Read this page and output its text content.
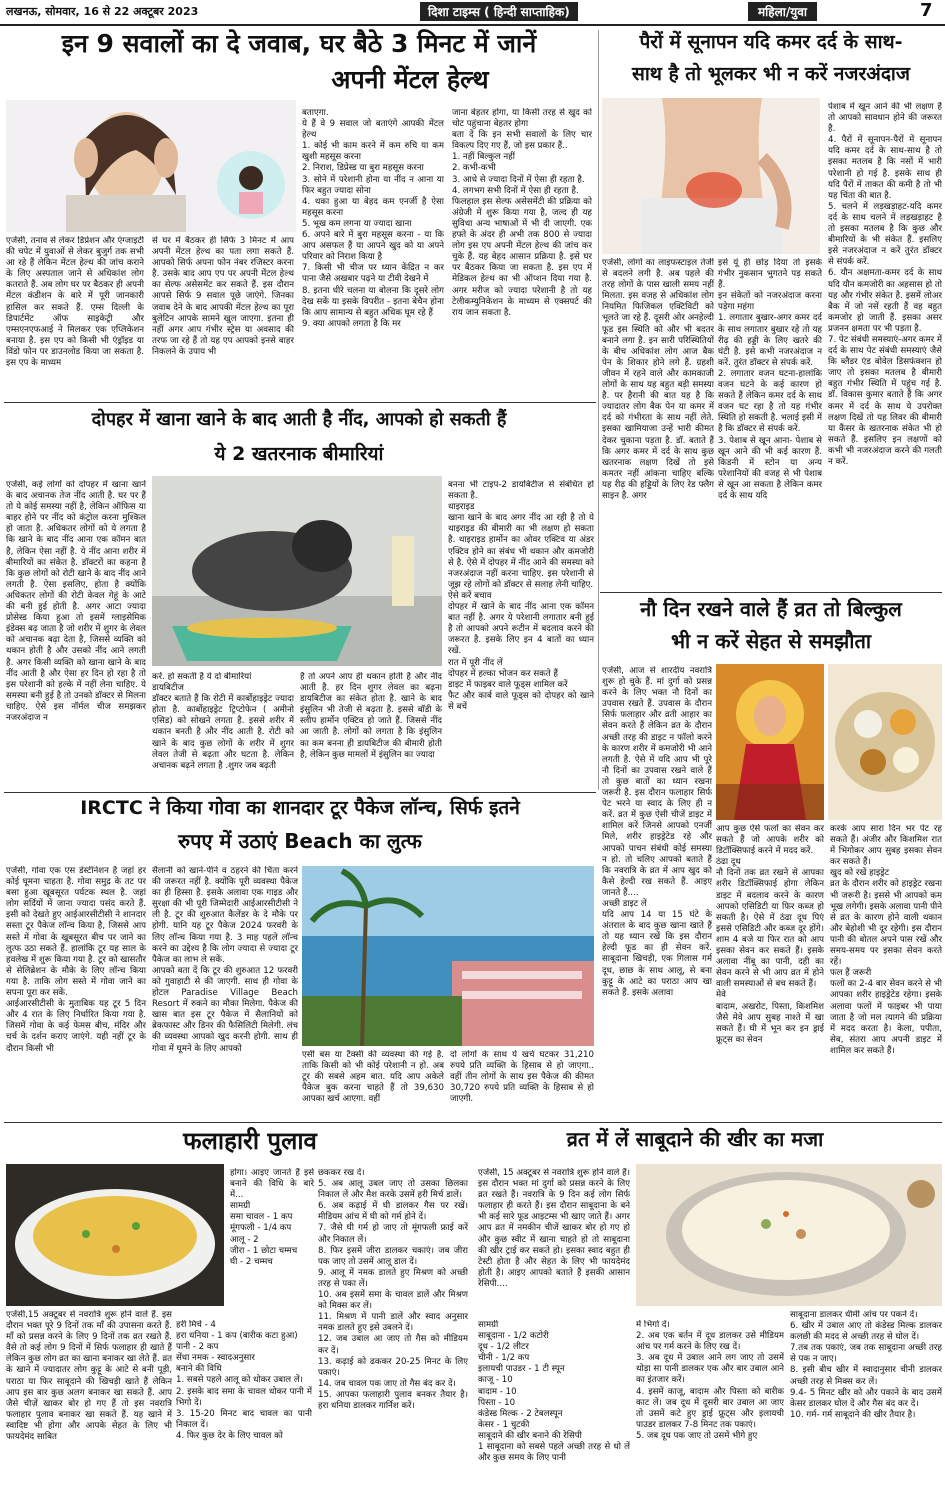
लखनऊ, सोमवार, 16 से 22 अक्टूबर 2023	दिशा टाइम्स ( हिन्दी साप्ताहिक)	महिला/युवा	7
इन 9 सवालों का दे जवाब, घर बैठे 3 मिनट में जानें
अपनी मेंटल हेल्थ
एजेंसी, तनाव से लेकर डिप्रेशन और एंग्जाइटी की चपेट में युवाओं से लेकर बुजुर्ग तक सभी आ रहे हैं लेकिन मेंटल हेल्थ की जांच कराने के लिए अस्पताल जाने से अधिकांश लोग कतराते हैं. अब लोग घर पर बैठकर ही अपनी मेंटल कंडीशन के बारे में पूरी जानकारी हासिल कर सकते हैं. एम्स दिल्ली के डिपार्टमेंट ऑफ साइकेट्री और एम्सएनएफआई ने मिलकर एक एप्लिकेशन बनाया है. इस एप को किसी भी एंड्रॉइड या विंडो फोन पर डाउनलोड किया जा सकता है. इस एप के माध्यम
से घर में बैठकर ही सिर्फ 3 मिनट में आप अपनी मेंटल हेल्थ का पता लगा सकते हैं. आपको सिर्फ अपना फोन नंबर रजिस्टर करना है. उसके बाद आप एप पर अपनी मेंटल हेल्थ का सेल्फ असेसमेंट कर सकते हैं. इस दौरान आपसे सिर्फ 9 सवाल पूछे जाएंगे. जिनका जवाब देने के बाद आपकी मेंटल हेल्थ का पूरा बुलेटिन आपके सामने खुल जाएगा. इतना ही नहीं अगर आप गंभीर स्ट्रेस या अवसाद की तरफ जा रहे हैं तो यह एप आपको इनसे बाहर निकलने के उपाय भी
बताएगा.
ये हैं वे 9 सवाल जो बताएंगे आपकी मेंटल हेल्थ
1. कोई भी काम करने में कम रुचि या कम खुशी महसूस करना
2. निराश, डिप्रेस्ड या बुरा महसूस करना
3. सोने में परेशानी होना या नींद न आना या फिर बहुत ज्यादा सोना
4. थका हुआ या बेहद कम एनर्जी है ऐसा महसूस करना
5. भूख कम लगना या ज्यादा खाना
6. अपने बारे में बुरा महसूस करना - या कि आप असफल हैं या आपने खुद को या अपने परिवार को निराश किया है
7. किसी भी चीज पर ध्यान केंद्रित न कर पाना जैसे अखबार पढ़ने या टीवी देखने में
8. इतना धीरे चलना या बोलना कि दूसरे लोग देख सकें या इसके विपरीत - इतना बेचैन होना कि आप सामान्य से बहुत अधिक घूम रहे हैं
9. क्या आपको लगता है कि मर
जाना बेहतर होगा, या किसी तरह से खुद को चोट पहुंचाना बेहतर होगा
बता दें कि इन सभी सवालों के लिए चार विकल्प दिए गए हैं, जो इस प्रकार हैं..
1. नहीं बिल्कुल नहीं
2. कभी-कभी
3. आधे से ज्यादा दिनों में ऐसा ही रहता है.
4. लगभग सभी दिनों में ऐसा ही रहता है.
फिलहाल इस सेल्फ असेसमेंटी की प्रक्रिया को अंग्रेजी में शुरू किया गया है, जल्द ही यह सुविधा अन्य भाषाओं में भी दी जाएगी. एक हफ्ते के अंदर ही अभी तक 800 से ज्यादा लोग इस एप अपनी मेंटल हेल्थ की जांच कर चुके हैं. यह बेहद आसान प्रक्रिया है. इसे घर पर बैठकर किया जा सकता है. इस एप में मेडिकल हेल्थ का भी ऑप्शन दिया गया है. अगर मरीज को ज्यादा परेशानी है तो यह टेलीकम्युनिकेशन के माध्यम से एक्सपर्ट की राय जान सकता है.
पैरों में सूनापन यदि कमर दर्द के साथ-
साथ है तो भूलकर भी न करें नजरअंदाज
एजेंसी, लोगों का लाइफस्टाइल तेजी से बदलने लगी है. अब पहले की तरह लोगों के पास खाली समय नहीं मिलता. इस वजह से अधिकांश लोग नियमित फिजिकल एक्टिविटी को भूलते जा रहे हैं. दूसरी ओर अनहेल्दी फूड इस स्थिति को और भी बदतर बनाने लगा है. इन सारी परिस्थितियों के बीच अधिकांश लोग आज बैक पेन के शिकार होने लगे हैं. ग्रहशी जीवन में रहने वाले और कामकाजी लोगों के साथ यह बहुत बड़ी समस्या है. पर हैरानी की बात यह है कि ज्यादातर लोग बैक पेन या कमर में दर्द को गंभीरता के साथ नहीं लेते. इसका खामियाजा उन्हें भारी कीमत देकर चुकाना पड़ता है. डॉ. बताते हैं कि अगर कमर में दर्द के साथ कुछ खतरनाक लक्षण दिखें तो इसे कमतर नहीं आंकना चाहिए बल्कि यह रीढ़ की हड्डियों के लिए रेड फ्लैग साइन है. अगर
इसे यूं ही छोड़ दिया तो इसके गंभीर नुकसान भुगतने पड़ सकते हैं.
इन संकेतों को नजरअंदाज करना पड़ेगा महंगा
1. लगातार बुखार-अगर कमर दर्द के साथ लगातार बुखार रहे तो यह रीढ़ की हड्डी के लिए खतरे की घंटी है. इसे कभी नजरअंदाज न करें. तुरंत डॉक्टर से संपर्क करें.
2. लगातार वजन घटना-हालांकि वजन घटने के कई कारण हो सकते हैं लेकिन कमर दर्द के साथ वजन घट रहा है तो यह गंभीर स्थिति हो सकती है. भलाई इसी में है कि डॉक्टर से संपर्क करें.
3. पेशाब से खून आना- पेशाब से खून आने की भी कई कारण हैं. किडनी में स्टोन या अन्य परेशानियों की वजह से भी पेशाब से खून आ सकता है लेकिन कमर दर्द के साथ यदि
पेशाब में खून आने की भी लक्षण है तो आपको सावधान होने की जरूरत है.
4. पैरों में सूनापन-पैरों में सूनापन यदि कमर दर्द के साथ-साथ है तो इसका मतलब है कि नसों में भारी परेशानी हो गई है. इसके साथ ही यदि पैरों में ताकत की कमी है तो भी यह चिंता की बात है.
5. चलने में लड़खड़ाहट-यदि कमर दर्द के साथ चलने में लड़खड़ाहट है तो इसका मतलब है कि कुछ और बीमारियों के भी संकेत हैं. इसलिए इसे नजरअंदाज न करें तुरंत डॉक्टर से संपर्क करें.
6. यौन अक्षमता-कमर दर्द के साथ यदि यौन कमजोरी का अहसास हो तो यह और गंभीर संकेत है. इसमें लोअर बैक में जो नसें रहती हैं वह बहुत कमजोर हो जाती हैं. इसका असर प्रजनन क्षमता पर भी पड़ता है.
7. पेट संबंधी समस्याएं-अगर कमर में दर्द के साथ पेट संबंधी समस्याएं जैसे कि ब्लैडर एंड बोवेल डिसफंक्शन हो जाए तो इसका मतलब है बीमारी बहुत गंभीर स्थिति में पहुंच गई है. डॉ. विकास कुमार बताते हैं कि अगर कमर में दर्द के साथ ये उपरोक्त लक्षण दिखें तो यह लिवर की बीमारी या कैंसर के खतरनाक संकेत भी हो सकते हैं. इसलिए इन लक्षणों को कभी भी नजरअंदाज करने की गलती न करें.
दोपहर में खाना खाने के बाद आती है नींद, आपको हो सकती हैं
ये 2 खतरनाक बीमारियां
एजेंसी, कई लोगों को दोपहर में खाना खाने के बाद अचानक तेज नींद आती है. घर पर हैं तो ये कोई समस्या नहीं है, लेकिन ऑफिस या बाहर होने पर नींद को कंट्रोल करना मुश्किल हो जाता है. अधिकतर लोगों को ये लगता है कि खाने के बाद नींद आना एक कॉमन बात है, लेकिन ऐसा नहीं है. ये नींद आना शरीर में बीमारियों का संकेत है. डॉक्टरों का कहना है कि कुछ लोगों को रोटी खाने के बाद नींद आने लगती है. ऐसा इसलिए, होता है क्योंकि अधिकतर लोगों की रोटी केवल गेहूं के आटे की बनी हुई होती है. अगर आटा ज्यादा प्रोसेस्ड किया हुआ तो इसमें ग्लाइसेमिक इंडेक्स बढ़ जाता है जो शरीर में शुगर के लेवल को अचानक बढ़ा देता है, जिससे व्यक्ति को थकान होती है और उसको नींद आने लगती है. अगर किसी व्यक्ति को खाना खाने के बाद नींद आती है और ऐसा हर दिन हो रहा है तो इस परेशानी को हल्के में नहीं लेना चाहिए. ये समस्या बनी हुई है तो उनको डॉक्टर से मिलना चाहिए. ऐसे इस नॉर्मल चीज समझकर नजरअंदाज न
करें. हो सकती है ये दो बीमारियां
डायबिटीज
डॉक्टर बताते हैं कि रोटी में कार्बोहाइड्रेट ज्यादा होता है. कार्बोहाइड्रेट ट्रिप्टोफेन ( अमीनो एसिड) को सोखने लगता है. इससे शरीर में थकान बनती है और नींद आती है. रोटी को खाने के बाद कुछ लोगों के शरीर में शुगर लेवल तेजी से बढ़ता और घटता है. लेकिन अचानक बढ़ने लगता है .शुगर जब बढ़ती
है तो अपने आप ही थकान होती है और नींद आती है. हर दिन शुगर लेवल का बढ़ना डायबिटीज का संकेत होता है. खाने के बाद इंसुलिन भी तेजी से बढ़ता है. इससे बॉडी के स्लीप हार्मोन एक्टिव हो जाते हैं. जिससे नींद आ जाती है. लोगों को लगता है कि इंसुलिन का कम बनना ही डायबिटीज की बीमारी होती है, लेकिन कुछ मामलों में इंसुलिन का ज्यादा
बनना भी टाइप-2 डायबिटीज से संबंधित हो सकता है.
थाइराइड
खाना खाने के बाद अगर नींद आ रही है तो ये थाइराइड की बीमारी का भी लक्षण हो सकता है. थाइराइड हार्मोन का ओवर एक्टिव या अंडर एक्टिव होने का संबंध भी थकान और कमजोरी से है. ऐसे में दोपहर में नींद आने की समस्या को नजरअंदाज नहीं करना चाहिए. इस परेशानी से जूझ रहे लोगों को डॉक्टर से सलाह लेनी चाहिए.
ऐसे करें बचाव
दोपहर में खाने के बाद नींद आना एक कॉमन बात नहीं है. अगर ये परेशानी लगातार बनी हुई है तो आपको अपने रूटीन में बदलाव करने की जरूरत है. इसके लिए इन 4 बातों का ध्यान रखें.
रात में पूरी नींद लें
दोपहर में हल्का भोजन कर सकते हैं
डाइट में फाइबर वाले फूड्स शामिल करें
फैट और कार्ब वाले फूड्स को दोपहर को खाने से बचें
नौ दिन रखने वाले हैं व्रत तो बिल्कुल
भी न करें सेहत से समझौता
एजेंसी, आज से शारदीय नवरात्रि शुरू हो चुके हैं. मां दुर्गा को प्रसन्न करने के लिए भक्त नौ दिनों का उपवास रखते हैं. उपवास के दौरान सिर्फ फलाहार और व्रती आहार का सेवन करते हैं लेकिन व्रत के दौरान अच्छी तरह की डाइट न फॉलो करने के कारण शरीर में कमजोरी भी आने लगती है. ऐसे में यदि आप भी पूरे नौ दिनों का उपवास रखने वाले हैं तो कुछ बातों का ध्यान रखना जरूरी है. इस दौरान फलाहार सिर्फ पेट भरने या स्वाद के लिए ही न करें. व्रत में कुछ ऐसी चीजें डाइट में शामिल करें जिनसे आपको एनर्जी मिले, शरीर हाइड्रेटेड रहे और आपको पाचन संबंधी कोई समस्या न हो. तो चलिए आपको बताते हैं कि नवरात्रि के व्रत में आप खुद को कैसे हेल्दी रख सकते हैं. आइए जानते हैं....
अच्छी डाइट लें
यदि आप 14 या 15 घंटे के अंतराल के बाद कुछ खाना खाते हैं तो यह ध्यान रखें कि इस दौरान हेल्दी फूड का ही सेवन करें. साबूदाना खिचड़ी, एक गिलास गर्म दूध, छाछ के साथ आलू, से बना कुट्टू के आटे का पराठा आप खा सकते हैं. इसके अलावा
आप कुछ ऐसे फलों का सेवन कर सकते हैं जो आपके शरीर को डिटॉक्सिफाई करने में मदद करें.
ठंढा दूध
नौ दिनों तक व्रत रखने से आपका शरीर डिटॉक्सिफाई होगा लेकिन डाइट में बदलाव करने के कारण आपको एसिडिटी या फिर कब्ज हो सकती है। ऐसे में ठंढा दूध पिएं इससे एसिडिटी और कब्ज दूर होंगे। शाम 4 बजे या फिर रात को आप इसका सेवन कर सकते हैं। इसके अलावा नींबू का पानी, दही का सेवन करने से भी आप व्रत में होने वाली समस्याओं से बच सकते हैं।
मेवे
बादाम, अखरोट, पिस्ता, किशमिश जैसे मेवे आप सुबह नाश्ते में खा सकते हैं। घी में भून कर इन ड्राई फ्रूट्स का सेवन
करके आप सारा दिन भर पेट रह सकते हैं। अंजीर और किशमिश रात में भिगोकर आप सुबह इसका सेवन कर सकते हैं।
खुद को रखें हाइड्रेट
व्रत के दौरान शरीर को हाइड्रेट रखना भी जरूरी है। इससे भी आपको कम भूख लगेगी। इसके अलावा पानी पीने से व्रत के कारण होने वाली थकान और बेहोशी भी दूर रहेगी। इस दौरान पानी की बोतल अपने पास रखें और समय-समय पर इसका सेवन करते रहें।
फल हैं जरूरी
फलों का 2-4 बार सेवन करने से भी आपका शरीर हाइड्रेटेड रहेगा। इसके अलावा फलों में फाइबर भी पाया जाता है जो मल त्यागने की प्रक्रिया में मदद करता है। केला, पपीता, सेब, संतरा आप अपनी डाइट में शामिल कर सकते हैं।
IRCTC ने किया गोवा का शानदार टूर पैकेज लॉन्च, सिर्फ इतने
रुपए में उठाएं Beach का लुत्फ
एजेंसी, गोवा एक एस डेस्टीनेशन है जहां हर कोई घूमना चाहता है. गोवा समुद्र के तट पर बसा हुआ खूबसूरत पर्यटक स्थल है. जहां लोग सर्दियों में जाना ज्यादा पसंद करते हैं. इसी को देखते हुए आईआरसीटीसी ने शानदार सस्ता टूर पैकेज लॉन्च किया है, जिससे आप सस्ते में गोवा के खूबसूरत बीच पर जाने का लुत्फ उठा सकते हैं. हालांकि टूर यह साल के हवलेख में शुरू किया गया है. टूर को खासतौर से सेलिब्रेशन के मौके के लिए लॉन्च किया गया है. ताकि लोग सस्ते में गोवा जाने का सपना पूरा कर सकें.
आईआरसीटीसी के मुताबिक यह टूर 5 दिन और 4 रात के लिए निर्धारित किया गया है. जिसमें गोवा के कई फेमस बीच, मंदिर और चर्च के दर्शन कराए जाएंगे. यही नहीं टूर के दौरान किसी भी
सैलानी को खाने-पीने व ठहरने की चिंता करने की जरूरत नहीं है. क्योंकि पूरी व्यवस्था पैकेज का ही हिस्सा है. इसके अलावा एक गाइड और सुरक्षा की भी पूरी जिम्मेदारी आईआरसीटीसी ने ली है. टूर की शुरुआत कैलेंडर के दे मौके पर होगी. यानि यह टूर पैकेज 2024 फरवरी के लिए लॉन्च किया गया है. 3 माह पहले लॉन्च करने का उद्देश्य है कि लोग ज्यादा से ज्यादा टूर पैकेज का लाभ ले सकें.
आपको बता दें कि टूर की शुरुआत 12 फरवरी को गुवाहाटी से की जाएगी. साथ ही गोवा के होटल Paradise Village Beach Resort में रुकने का मौका मिलेगा. पैकेज की खास बात इस टूर पैकेज में सैलानियों को ब्रेकफास्ट और डिनर की फैसिलिटी मिलेगी. लंच की व्यवस्था आपको खुद करनी होगी. साथ ही गोवा में घूमने के लिए आपको
एसी बस या टैक्सी की व्यवस्था की गई है. ताकि किसी को भी कोई परेशानी न हो. अब टूर की सबसे अहम बात. यदि आप अकेले पैकेज बुक करना चाहते हैं तो 39,630 आपका खर्च आएगा. वहीं
दो लोगों के साथ ये खर्च घटकर 31,210 रुपये प्रति व्यक्ति के हिसाब से हो जाएगा.. वहीं तीन लोगों के साथ इस पैकेज की कीमत 30,720 रुपये प्रति व्यक्ति के हिसाब से हो जाएगी.
फलाहारी पुलाव
एजेंसी,15 अक्टूबर से नवरात्रि शुरू होने वाले हैं. इस दौरान भक्त पूरे 9 दिनों तक माँ की उपासना करते हैं. माँ को प्रसन्न करने के लिए 9 दिनों तक व्रत रखते हैं. वैसे तो कई लोग 9 दिनों में सिर्फ फलाहार ही खाते हैं लेकिन कुछ लोग व्रत का खाना बनाकर खा लेते हैं. व्रत के खाने में ज्यादातर लोग कुट्टू के आटे से बनी पूड़ी, पराठा या फिर साबूदाने की खिचड़ी खाते हैं लेकिन आप इस बार कुछ अलग बनाकर खा सकते हैं. आप जैसे चीज़ें खाकर बोर हो गए हैं तो इस नवरात्रि फलाहार पुलाव बनाकर खा सकते हैं. यह खाने में स्वादिष्ट भी होगा और आपके सेहत के लिए भी फायदेमंद साबित
होगा। आइए जानते हैं इसे बनाने की विधि के बारे में...
सामग्री
समा चावल - 1 कप
मूंगफली - 1/4 कप
आलू - 2
जीरा - 1 छोटा चम्मच
घी - 2 चम्मच
हरी मिर्च - 4
हरा धनिया - 1 कप (बारीक कटा हुआ)
पानी - 2 कप
सेंधा नमक - स्वादअनुसार
बनाने की विधि
1. सबसे पहले आलू को धोकर उबाल लें।
2. इसके बाद समा के चावल धोकर पानी में भिगो दें।
3. 15-20 मिनट बाद चावल का पानी निकाल दें।
4. फिर कुछ देर के लिए चावल को
छककर रख दें।
5. अब आलू उबल जाए तो उसका छिलका निकाल लें और मैश करके उसमें हरी मिर्च डालें।
6. अब कढ़ाई में घी डालकर गैस पर रखें। मीडियम आंच में घी को गर्म होने दें।
7. जैसे घी गर्म हो जाए तो मूंगफली फ्राई करें और निकाल लें।
8. फिर इसमें जीरा डालकर चकाएं। जब जीरा पक जाए तो उसमें आलू डाल दें।
9. आलू में नमक डालते हुए मिश्रण को अच्छी तरह से पका लें।
10. अब इसमें समा के चावल डालें और मिश्रण को मिक्स कर लें।
11. मिश्रण में पानी डालें और स्वाद अनुसार नमक डालते हुए इसे उबलने दें।
12. जब उबाल आ जाए तो गैस को मीडियम कर दें।
13. कढ़ाई को ढककर 20-25 मिनट के लिए पकाएं।
14. जब चावल पक जाए तो गैस बंद कर दें।
15. आपका फलाहारी पुलाव बनकर तैयार है। हरा धनिया डालकर गार्निश करें।
व्रत में लें साबूदाने की खीर का मजा
एजेंसी, 15 अक्टूबर से नवरात्रि शुरू होने वाले हैं। इस दौरान भक्त मां दुर्गा को प्रसन्न करने के लिए व्रत रखते हैं। नवरात्रि के 9 दिन कई लोग सिर्फ फलाहार ही करते हैं। इस दौरान साबूदाना के बने भी कई सारे फूड आइटम्स भी खाए जाते हैं। अगर आप व्रत में नमकीन चीजें खाकर बोर हो गए हो और कुछ स्वीट में खाना चाहते हो तो साबूदाना की खीर ट्राई कर सकते हो। इसका स्वाद बहुत ही टेस्टी होता है और सेहत के लिए भी फायदेमंद होती है। आइए आपको बताते हैं इसकी आसान रेसिपी....
सामग्री
साबूदाना - 1/2 कटोरी
दूध - 1/2 लीटर
चीनी - 1/2 कप
इलायची पाउडर - 1 टी स्पून
काजू - 10
बादाम - 10
पिस्ता - 10
कंडेस्ड मिल्क - 2 टेबलस्पून
केसर - 1 चुटकी
साबूदाने की खीर बनाने की रेसिपी
1 साबूदाना को सबसे पहले अच्छी तरह से धो लें और कुछ समय के लिए पानी
में भिगो दें।
2. अब एक बर्तन में दूध डालकर उसे मीडियम आंच पर गर्म करने के लिए रख दें।
3. अब दूध में उबाल आने लग जाए तो उसमें थोड़ा सा पानी डालकर एक और बार उबाल आने का इंतजार करें।
4. इसमें काजू, बादाम और पिस्ता को बारीक काट लें। जब दूध में दूसरी बार उबाल आ जाए तो उसमें कटे हुए ड्राई फ्रूट्स और इलायची पाउडर डालकर 7-8 मिनट तक पकाएं।
5. जब दूध पक जाए तो उसमें भीगे हुए
साबूदाना डालकर धीमी आंच पर पकने दें।
6. खीर में उबाल आए तो कंडेस्ड मिल्क डालकर कलछी की मदद से अच्छी तरह से घोल दें।
7.तब तक पकाएं, जब तक साबूदाना अच्छी तरह से पक न जाए।
8. इसी बीच खीर में स्वादानुसार चीनी डालकर अच्छी तरह से मिक्स कर लें।
9.4- 5 मिनट खीर को और पकाने के बाद उसमें केसर डालकर घोल दें और गैस बंद कर दें।
10. गर्म- गर्म साबूदाने की खीर तैयार है।
